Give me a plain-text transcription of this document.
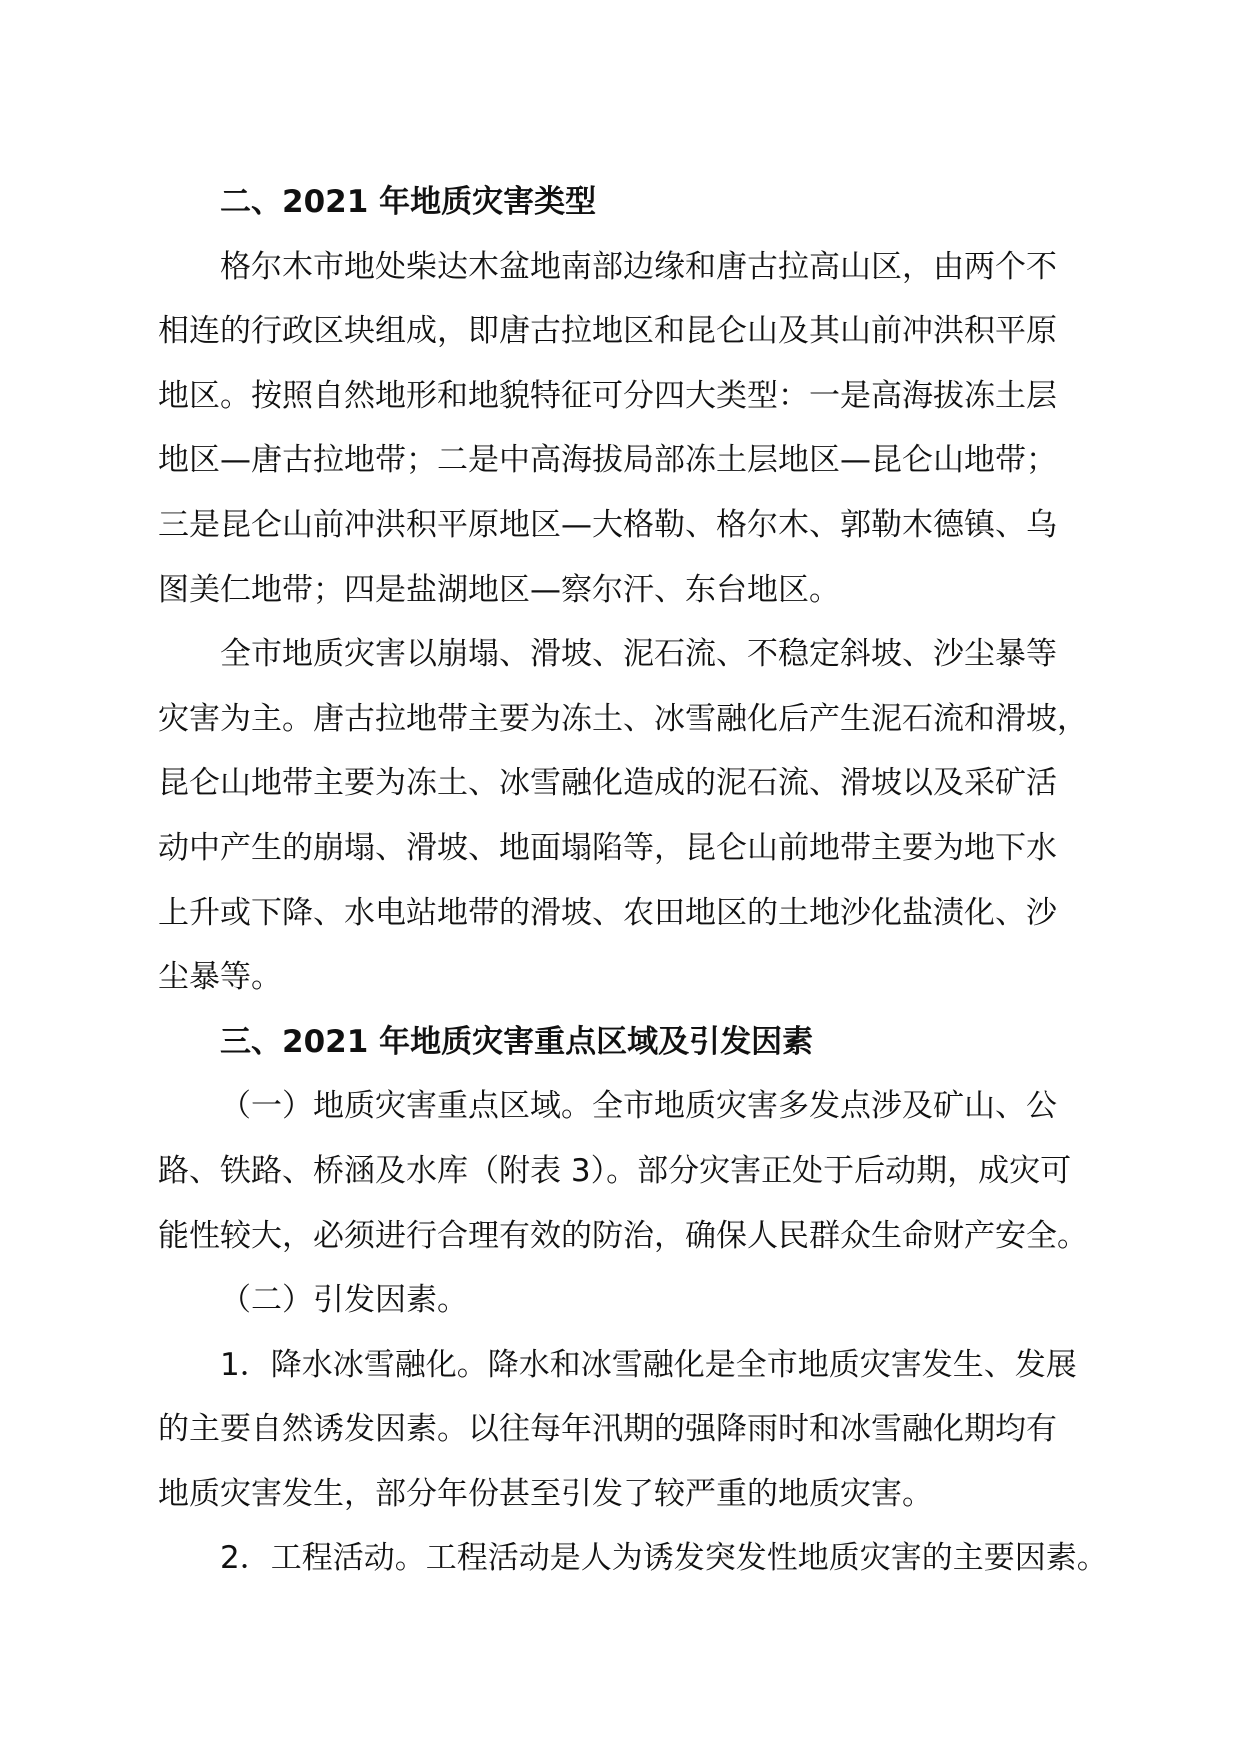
二、2021 年地质灾害类型
格尔木市地处柴达木盆地南部边缘和唐古拉高山区，由两个不
相连的行政区块组成，即唐古拉地区和昆仑山及其山前冲洪积平原
地区。按照自然地形和地貌特征可分四大类型：一是高海拔冻土层
地区—唐古拉地带；二是中高海拔局部冻土层地区—昆仑山地带；
三是昆仑山前冲洪积平原地区—大格勒、格尔木、郭勒木德镇、乌
图美仁地带；四是盐湖地区—察尔汗、东台地区。
全市地质灾害以崩塌、滑坡、泥石流、不稳定斜坡、沙尘暴等
灾害为主。唐古拉地带主要为冻土、冰雪融化后产生泥石流和滑坡，
昆仑山地带主要为冻土、冰雪融化造成的泥石流、滑坡以及采矿活
动中产生的崩塌、滑坡、地面塌陷等，昆仑山前地带主要为地下水
上升或下降、水电站地带的滑坡、农田地区的土地沙化盐渍化、沙
尘暴等。
三、2021 年地质灾害重点区域及引发因素
（一）地质灾害重点区域。全市地质灾害多发点涉及矿山、公
路、铁路、桥涵及水库（附表 3）。部分灾害正处于后动期，成灾可
能性较大，必须进行合理有效的防治，确保人民群众生命财产安全。
（二）引发因素。
1．降水冰雪融化。降水和冰雪融化是全市地质灾害发生、发展
的主要自然诱发因素。以往每年汛期的强降雨时和冰雪融化期均有
地质灾害发生，部分年份甚至引发了较严重的地质灾害。
2．工程活动。工程活动是人为诱发突发性地质灾害的主要因素。
